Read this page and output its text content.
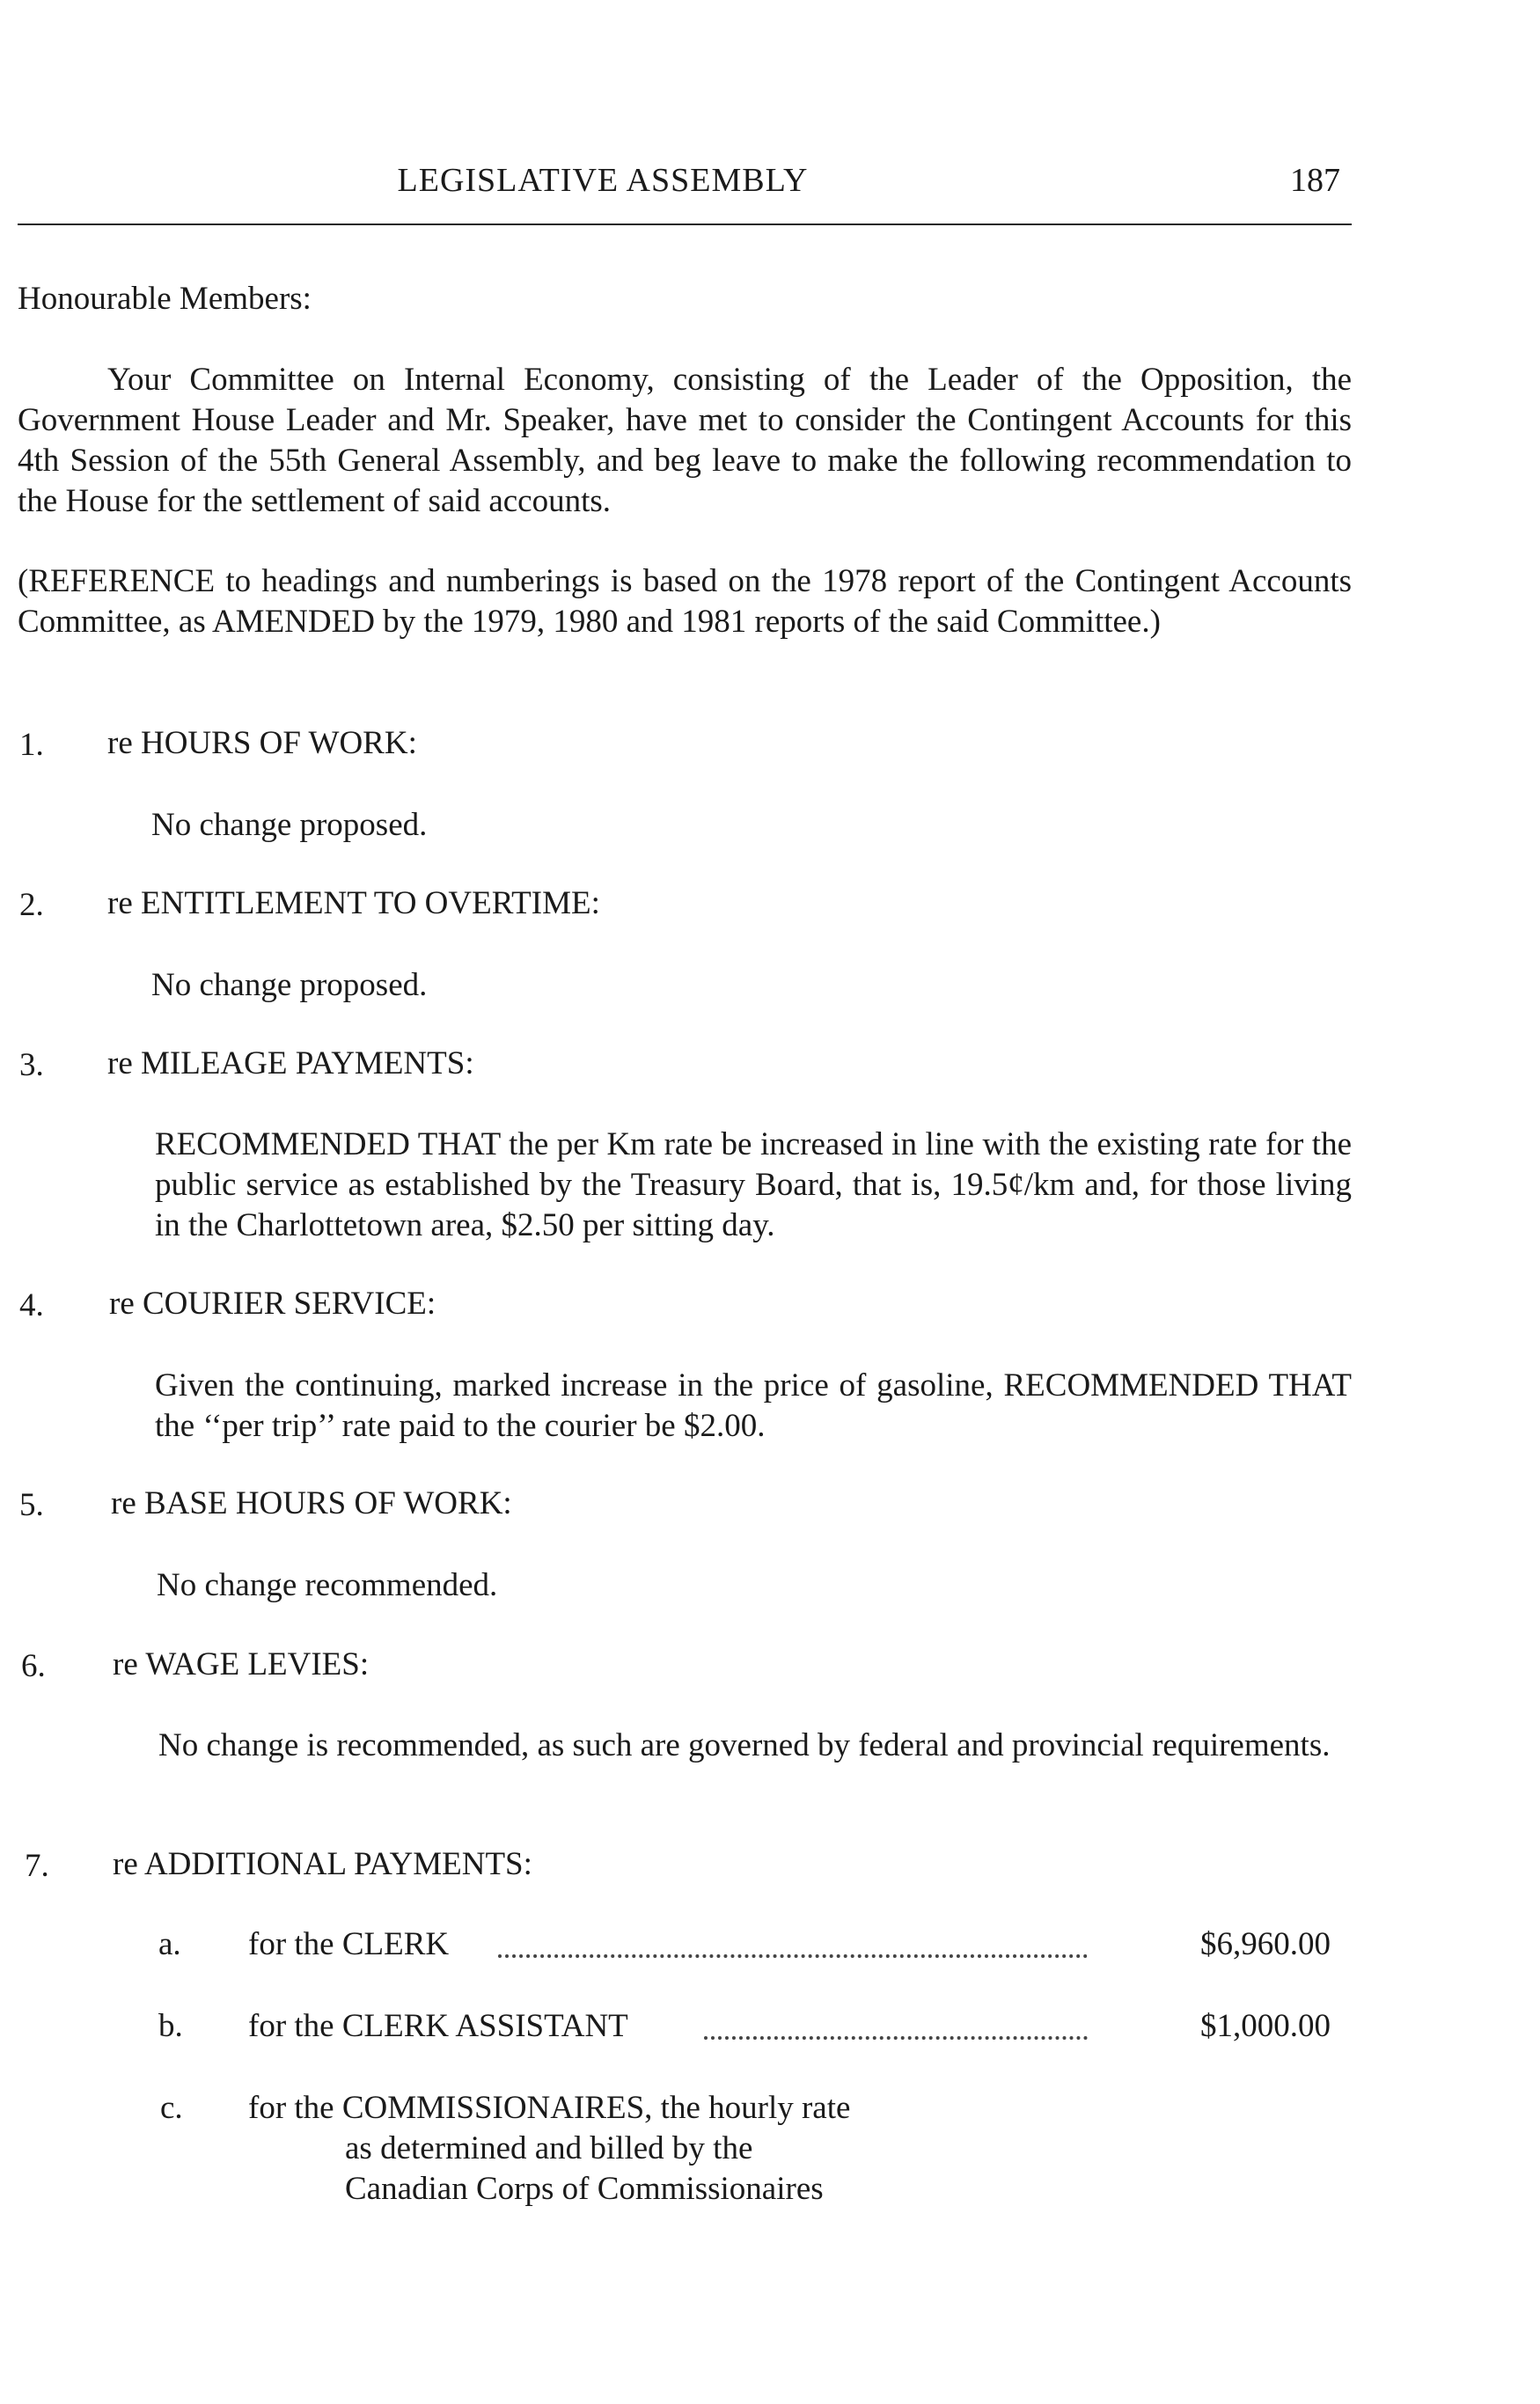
LEGISLATIVE ASSEMBLY	187
Honourable Members:
Your Committee on Internal Economy, consisting of the Leader of the Opposition, the Government House Leader and Mr. Speaker, have met to consider the Contingent Accounts for this 4th Session of the 55th General Assembly, and beg leave to make the following recommendation to the House for the settlement of said accounts.
(REFERENCE to headings and numberings is based on the 1978 report of the Contingent Accounts Committee, as AMENDED by the 1979, 1980 and 1981 reports of the said Committee.)
1. re HOURS OF WORK:
No change proposed.
2. re ENTITLEMENT TO OVERTIME:
No change proposed.
3. re MILEAGE PAYMENTS:
RECOMMENDED THAT the per Km rate be increased in line with the existing rate for the public service as established by the Treasury Board, that is, 19.5¢/km and, for those living in the Charlottetown area, $2.50 per sitting day.
4. re COURIER SERVICE:
Given the continuing, marked increase in the price of gasoline, RECOMMENDED THAT the ‘‘per trip’’ rate paid to the courier be $2.00.
5. re BASE HOURS OF WORK:
No change recommended.
6. re WAGE LEVIES:
No change is recommended, as such are governed by federal and provincial requirements.
7. re ADDITIONAL PAYMENTS:
a. for the CLERK	$6,960.00
b. for the CLERK ASSISTANT	$1,000.00
c. for the COMMISSIONAIRES, the hourly rate
as determined and billed by the
Canadian Corps of Commissionaires
